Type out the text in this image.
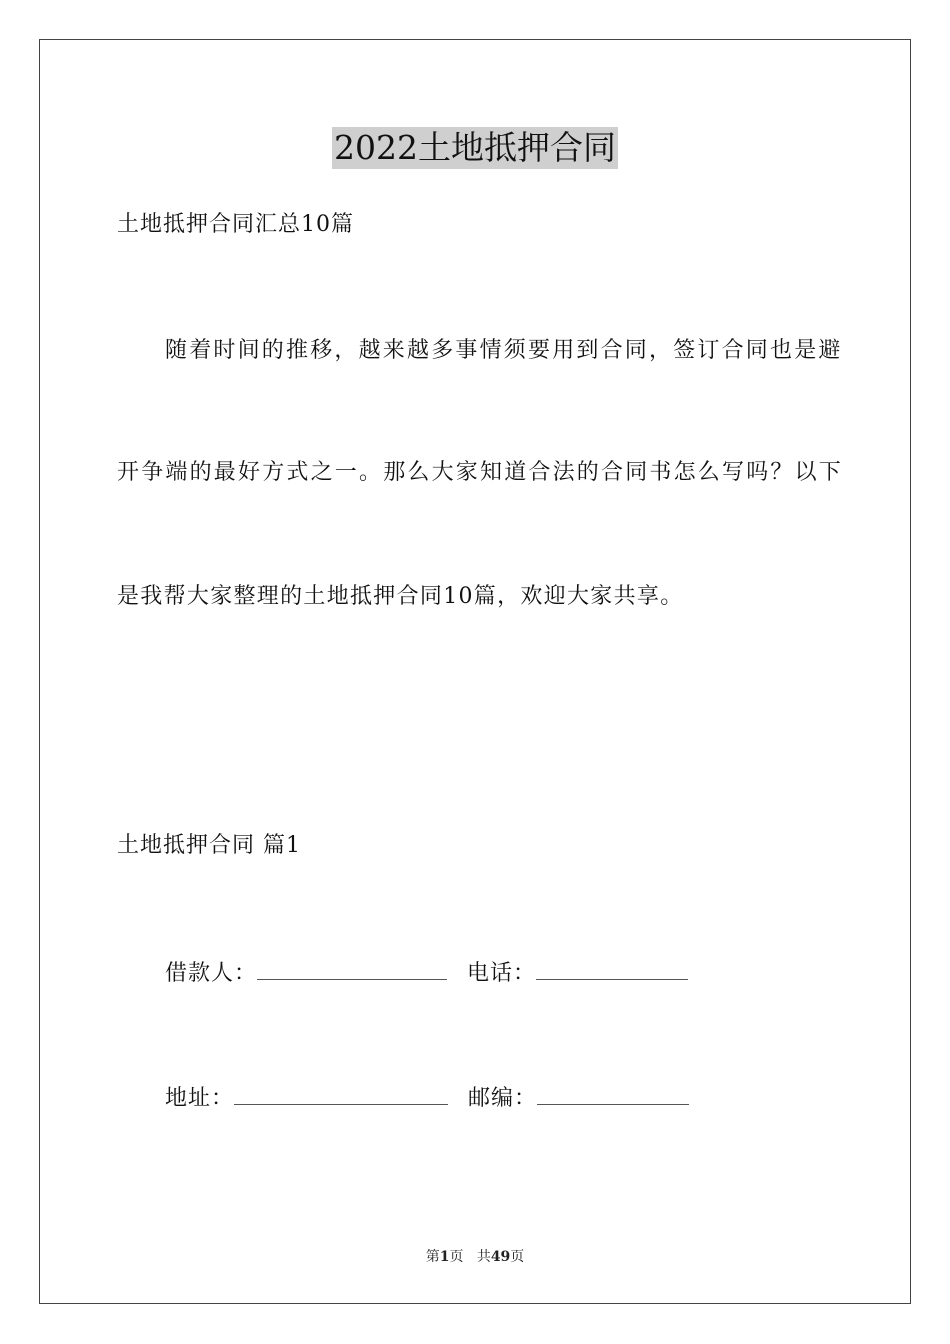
2022土地抵押合同
土地抵押合同汇总10篇
随着时间的推移，越来越多事情须要用到合同，签订合同也是避
开争端的最好方式之一。那么大家知道合法的合同书怎么写吗？以下
是我帮大家整理的土地抵押合同10篇，欢迎大家共享。
土地抵押合同 篇1
借款人：	电话：
地址：	邮编：
第1页 共49页
